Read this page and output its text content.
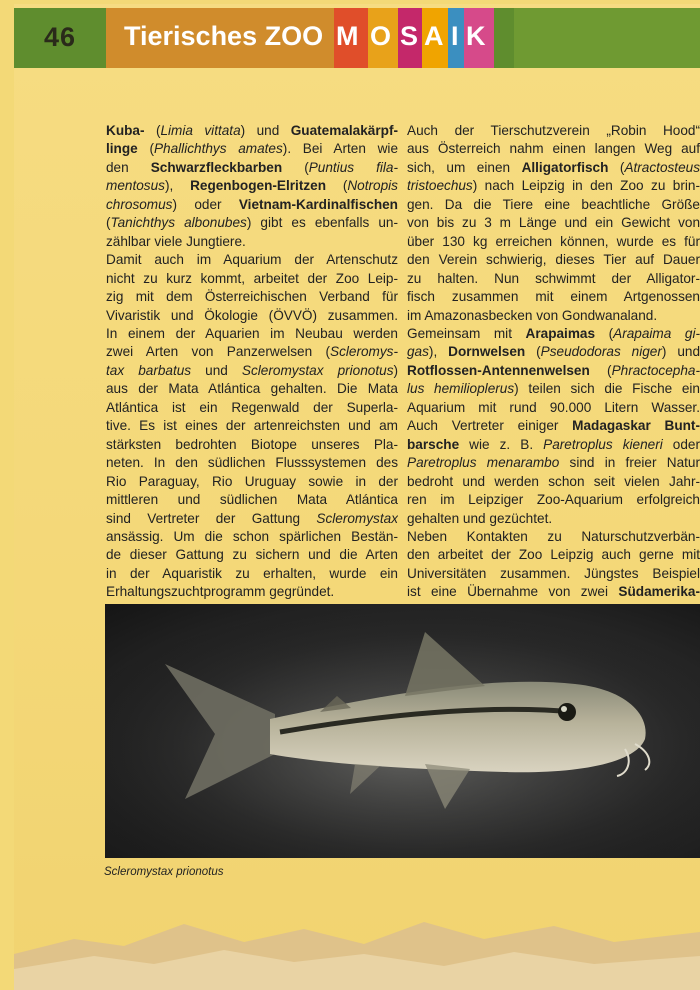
46 Tierisches ZOO M O S A I K
Kuba- (Limia vittata) und Guatemalakärpf-
linge (Phallichthys amates). Bei Arten wie
den Schwarzfleckbarben (Puntius fila-
mentosus), Regenbogen-Elritzen (Notropis
chrosomus) oder Vietnam-Kardinalfischen
(Tanichthys albonubes) gibt es ebenfalls un-
zählbar viele Jungtiere.
Damit auch im Aquarium der Artenschutz
nicht zu kurz kommt, arbeitet der Zoo Leip-
zig mit dem Österreichischen Verband für
Vivaristik und Ökologie (ÖVVÖ) zusammen.
In einem der Aquarien im Neubau werden
zwei Arten von Panzerwelsen (Scleromys-
tax barbatus und Scleromystax prionotus)
aus der Mata Atlántica gehalten. Die Mata
Atlántica ist ein Regenwald der Superla-
tive. Es ist eines der artenreichsten und am
stärksten bedrohten Biotope unseres Pla-
neten. In den südlichen Flusssystemen des
Rio Paraguay, Rio Uruguay sowie in der
mittleren und südlichen Mata Atlántica
sind Vertreter der Gattung Scleromystax
ansässig. Um die schon spärlichen Bestän-
de dieser Gattung zu sichern und die Arten
in der Aquaristik zu erhalten, wurde ein
Erhaltungszuchtprogramm gegründet.
Auch der Tierschutzverein „Robin Hood“
aus Österreich nahm einen langen Weg auf
sich, um einen Alligatorfisch (Atractosteus
tristoechus) nach Leipzig in den Zoo zu brin-
gen. Da die Tiere eine beachtliche Größe
von bis zu 3 m Länge und ein Gewicht von
über 130 kg erreichen können, wurde es für
den Verein schwierig, dieses Tier auf Dauer
zu halten. Nun schwimmt der Alligator-
fisch zusammen mit einem Artgenossen
im Amazonasbecken von Gondwanaland.
Gemeinsam mit Arapaimas (Arapaima gi-
gas), Dornwelsen (Pseudodoras niger) und
Rotflossen-Antennenwelsen (Phractocepha-
lus hemilioplerus) teilen sich die Fische ein
Aquarium mit rund 90.000 Litern Wasser.
Auch Vertreter einiger Madagaskar Bunt-
barsche wie z. B. Paretroplus kieneri oder
Paretroplus menarambo sind in freier Natur
bedroht und werden schon seit vielen Jahr-
ren im Leipziger Zoo-Aquarium erfolgreich
gehalten und gezüchtet.
Neben Kontakten zu Naturschutzverbän-
den arbeitet der Zoo Leipzig auch gerne mit
Universitäten zusammen. Jüngstes Beispiel
ist eine Übernahme von zwei Südamerika-
Scleromystax prionotus
